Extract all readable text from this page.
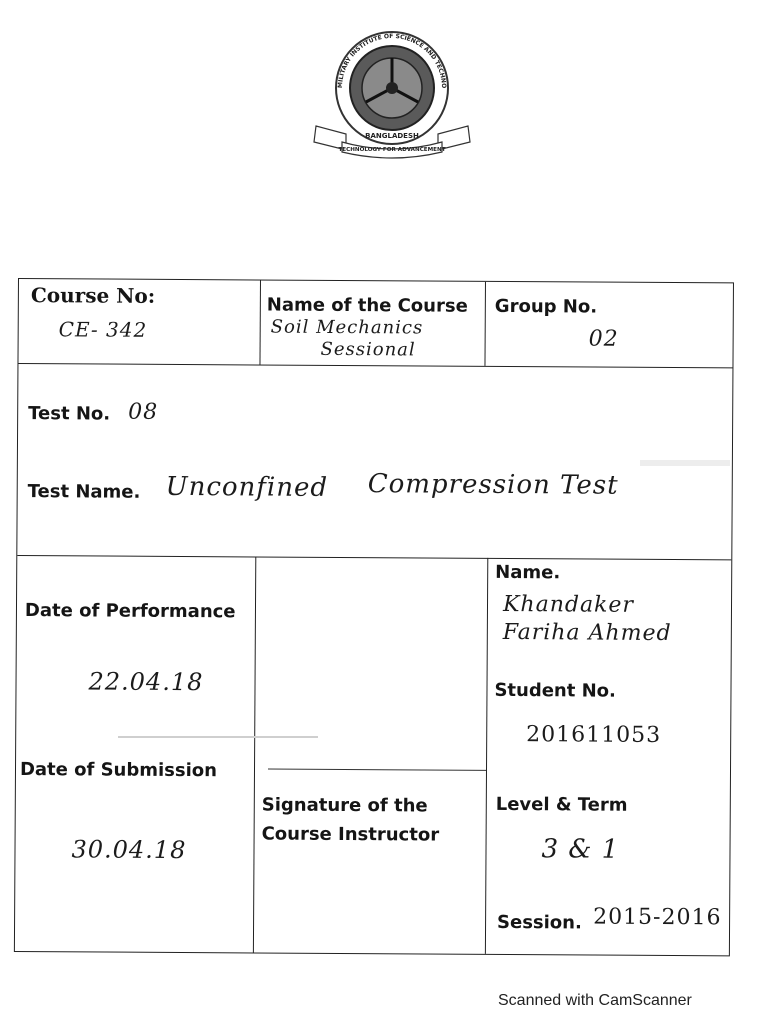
MILITARY INSTITUTE OF SCIENCE AND TECHNO
BANGLADESH
TECHNOLOGY FOR ADVANCEMENT
Course No:
CE- 342
Name of the Course
Soil Mechanics
Sessional
Group No.
02
Test No. 08
Test Name. Unconfined Compression Test
Date of Performance
22.04.18
Date of Submission
30.04.18
Signature of the
Course Instructor
Name.
Khandaker
Fariha Ahmed
Student No.
201611053
Level & Term
3 & 1
Session. 2015-2016
Scanned with CamScanner
